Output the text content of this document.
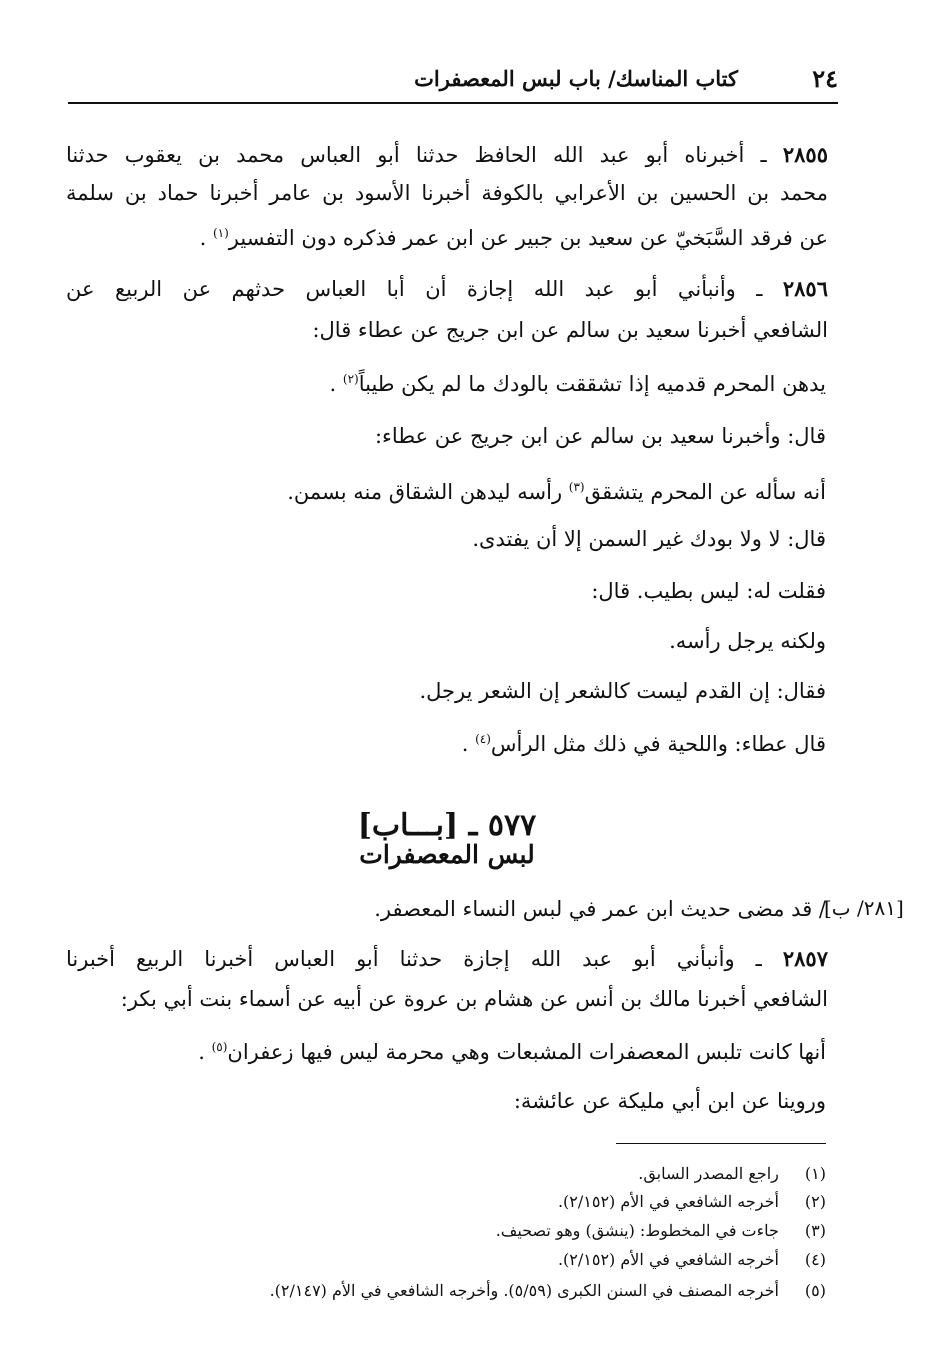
٢٤
كتاب المناسك/ باب لبس المعصفرات
٢٨٥٥ ـ أخبرناه أبو عبد الله الحافظ حدثنا أبو العباس محمد بن يعقوب حدثنا
محمد بن الحسين بن الأعرابي بالكوفة أخبرنا الأسود بن عامر أخبرنا حماد بن سلمة
عن فرقد السَّبَخيّ عن سعيد بن جبير عن ابن عمر فذكره دون التفسير$^{(١)}$ .
٢٨٥٦ ـ وأنبأني أبو عبد الله إجازة أن أبا العباس حدثهم عن الربيع عن
الشافعي أخبرنا سعيد بن سالم عن ابن جريج عن عطاء قال:
يدهن المحرم قدميه إذا تشققت بالودك ما لم يكن طيباً$^{(٢)}$ .
قال: وأخبرنا سعيد بن سالم عن ابن جريج عن عطاء:
أنه سأله عن المحرم يتشقق$^{(٣)}$ رأسه ليدهن الشقاق منه بسمن.
قال: لا ولا بودك غير السمن إلا أن يفتدى.
فقلت له: ليس بطيب. قال:
ولكنه يرجل رأسه.
فقال: إن القدم ليست كالشعر إن الشعر يرجل.
قال عطاء: واللحية في ذلك مثل الرأس$^{(٤)}$ .
٥٧٧ ـ [بـــاب]
لبس المعصفرات
[٢٨١/ ب]
/ قد مضى حديث ابن عمر في لبس النساء المعصفر.
٢٨٥٧ ـ وأنبأني أبو عبد الله إجازة حدثنا أبو العباس أخبرنا الربيع أخبرنا
الشافعي أخبرنا مالك بن أنس عن هشام بن عروة عن أبيه عن أسماء بنت أبي بكر:
أنها كانت تلبس المعصفرات المشبعات وهي محرمة ليس فيها زعفران$^{(٥)}$ .
وروينا عن ابن أبي مليكة عن عائشة:
(١) راجع المصدر السابق.
(٢) أخرجه الشافعي في الأم (٢/١٥٢).
(٣) جاءت في المخطوط: (ينشق) وهو تصحيف.
(٤) أخرجه الشافعي في الأم (٢/١٥٢).
(٥) أخرجه المصنف في السنن الكبرى (٥/٥٩). وأخرجه الشافعي في الأم (٢/١٤٧).
